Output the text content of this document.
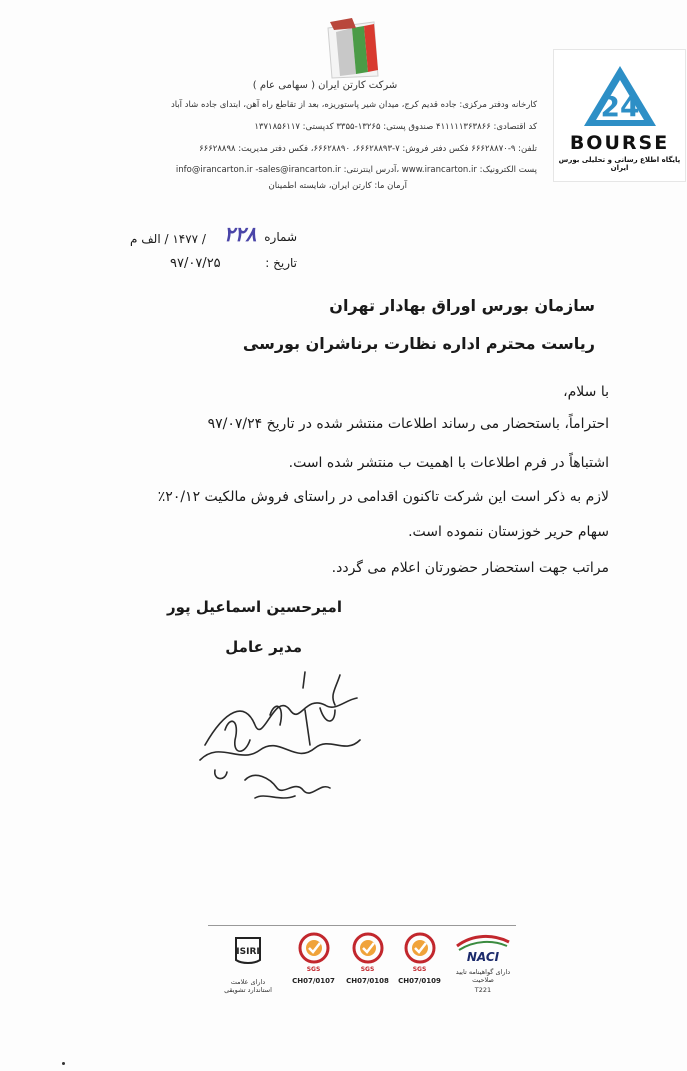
شرکت کارتن ایران ( سهامی عام )
کارخانه ودفتر مرکزی: جاده قدیم کرج، میدان شیر پاستوریزه، بعد از تقاطع راه آهن، ابتدای جاده شاد آباد
کد اقتصادی: ۴۱۱۱۱۱۳۶۳۸۶۶ صندوق پستی: ۱۳۲۶۵-۳۳۵۵ کدپستی: ۱۳۷۱۸۵۶۱۱۷
تلفن: ۹-۶۶۶۲۸۸۷۰ فکس دفتر فروش: ۷-۶۶۶۲۸۸۹۳، ۶۶۶۲۸۸۹۰، فکس دفتر مدیریت: ۶۶۶۲۸۸۹۸
پست الکترونیک: www.irancarton.ir ،آدرس اینترنتی: info@irancarton.ir -sales@irancarton.ir
آرمان ما: کارتن ایران، شایسته اطمینان
24
BOURSE
پایگاه اطلاع رسانی و تحلیلی بورس ایران
شماره
۲۲۸
/ ۱۴۷۷ / الف م
تاریخ :
۹۷/۰۷/۲۵
سازمان بورس اوراق بهادار تهران
ریاست محترم اداره نظارت برناشران بورسی
با سلام،
احتراماً، باستحضار می رساند اطلاعات منتشر شده در تاریخ ۹۷/۰۷/۲۴
اشتباهاً در فرم اطلاعات با اهمیت ب منتشر شده است.
لازم به ذکر است این شرکت تاکنون اقدامی در راستای فروش مالکیت ۲۰/۱۲٪
سهام حریر خوزستان ننموده است.
مراتب جهت استحضار حضورتان اعلام می گردد.
امیرحسین اسماعیل پور
مدیر عامل
ISIRI
دارای علامت استاندارد تشویقی
SGS
CH07/0107
SGS
CH07/0108
SGS
CH07/0109
NACI
دارای گواهینامه تایید صلاحیت
T221
